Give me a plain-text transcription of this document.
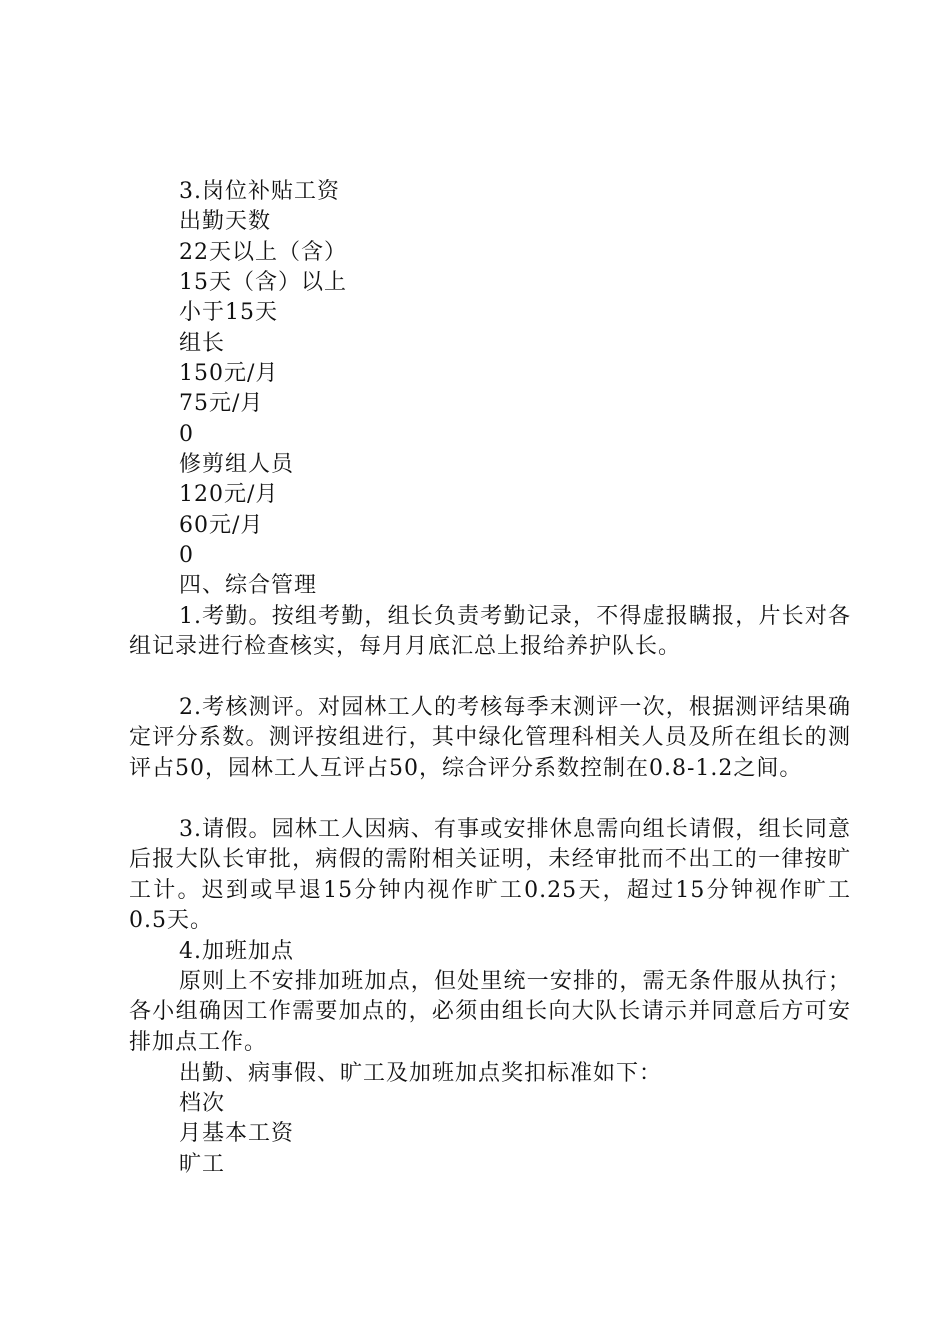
3.岗位补贴工资
出勤天数
22天以上（含）
15天（含）以上
小于15天
组长
150元/月
75元/月
0
修剪组人员
120元/月
60元/月
0
四、综合管理
1.考勤。按组考勤，组长负责考勤记录，不得虚报瞒报，片长对各组记录进行检查核实，每月月底汇总上报给养护队长。
2.考核测评。对园林工人的考核每季末测评一次，根据测评结果确定评分系数。测评按组进行，其中绿化管理科相关人员及所在组长的测评占50，园林工人互评占50，综合评分系数控制在0.8-1.2之间。
3.请假。园林工人因病、有事或安排休息需向组长请假，组长同意后报大队长审批，病假的需附相关证明，未经审批而不出工的一律按旷工计。迟到或早退15分钟内视作旷工0.25天，超过15分钟视作旷工0.5天。
4.加班加点
原则上不安排加班加点，但处里统一安排的，需无条件服从执行；各小组确因工作需要加点的，必须由组长向大队长请示并同意后方可安排加点工作。
出勤、病事假、旷工及加班加点奖扣标准如下：
档次
月基本工资
旷工
